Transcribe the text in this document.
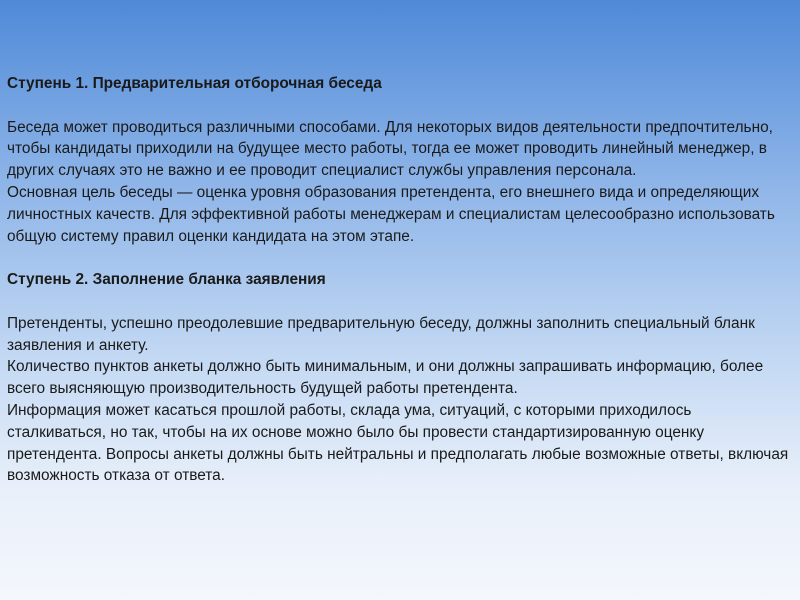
Ступень 1. Предварительная отборочная беседа
Беседа может проводиться различными способами. Для некоторых видов деятельности предпочтительно, чтобы кандидаты приходили на будущее место работы, тогда ее может проводить линейный менеджер, в других случаях это не важно и ее проводит специалист службы управления персонала.
Основная цель беседы — оценка уровня образования претендента, его внешнего вида и определяющих личностных качеств. Для эффективной работы менеджерам и специалистам целесообразно использовать общую систему правил оценки кандидата на этом этапе.
Ступень 2. Заполнение бланка заявления
Претенденты, успешно преодолевшие предварительную беседу, должны заполнить специальный бланк заявления и анкету.
Количество пунктов анкеты должно быть минимальным, и они должны запрашивать информацию, более всего выясняющую производительность будущей работы претендента.
Информация может касаться прошлой работы, склада ума, ситуаций, с которыми приходилось сталкиваться, но так, чтобы на их основе можно было бы провести стандартизированную оценку претендента. Вопросы анкеты должны быть нейтральны и предполагать любые возможные ответы, включая возможность отказа от ответа.
